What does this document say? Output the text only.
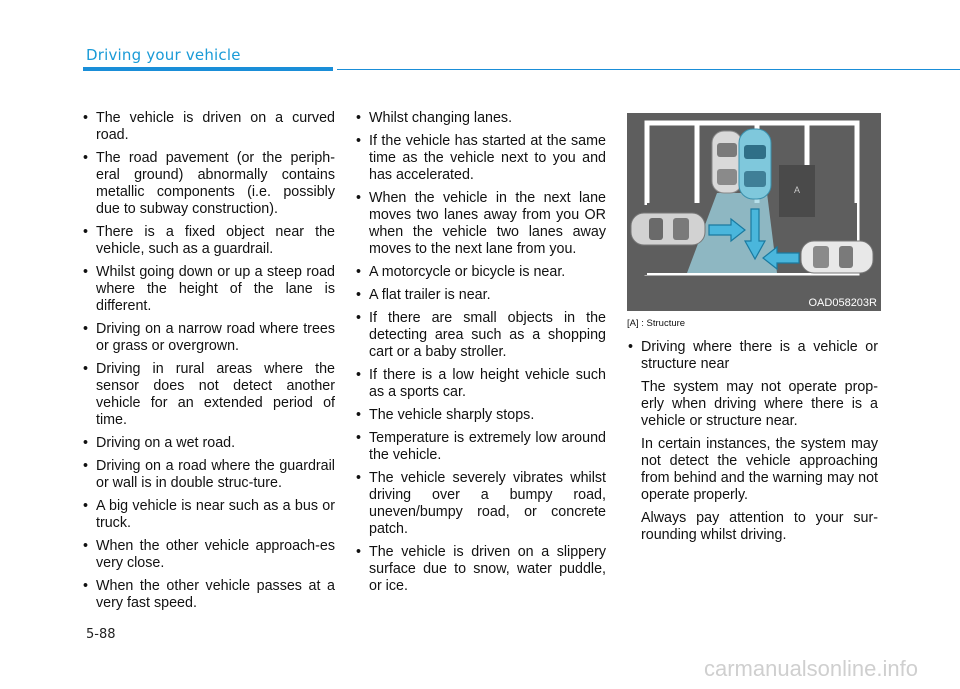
Driving your vehicle
• The vehicle is driven on a curved road.
• The road pavement (or the periph-eral ground) abnormally contains metallic components (i.e. possibly due to subway construction).
• There is a fixed object near the vehicle, such as a guardrail.
• Whilst going down or up a steep road where the height of the lane is different.
• Driving on a narrow road where trees or grass or overgrown.
• Driving in rural areas where the sensor does not detect another vehicle for an extended period of time.
• Driving on a wet road.
• Driving on a road where the guardrail or wall is in double struc-ture.
• A big vehicle is near such as a bus or truck.
• When the other vehicle approach-es very close.
• When the other vehicle passes at a very fast speed.
• Whilst changing lanes.
• If the vehicle has started at the same time as the vehicle next to you and has accelerated.
• When the vehicle in the next lane moves two lanes away from you OR when the vehicle two lanes away moves to the next lane from you.
• A motorcycle or bicycle is near.
• A flat trailer is near.
• If there are small objects in the detecting area such as a shopping cart or a baby stroller.
• If there is a low height vehicle such as a sports car.
• The vehicle sharply stops.
• Temperature is extremely low around the vehicle.
• The vehicle severely vibrates whilst driving over a bumpy road, uneven/bumpy road, or concrete patch.
• The vehicle is driven on a slippery surface due to snow, water puddle, or ice.
A
OAD058203R
[A] : Structure
• Driving where there is a vehicle or structure near

The system may not operate prop-erly when driving where there is a vehicle or structure near.

In certain instances, the system may not detect the vehicle approaching from behind and the warning may not operate properly.

Always pay attention to your sur-rounding whilst driving.

5-88
carmanualsonline.info
